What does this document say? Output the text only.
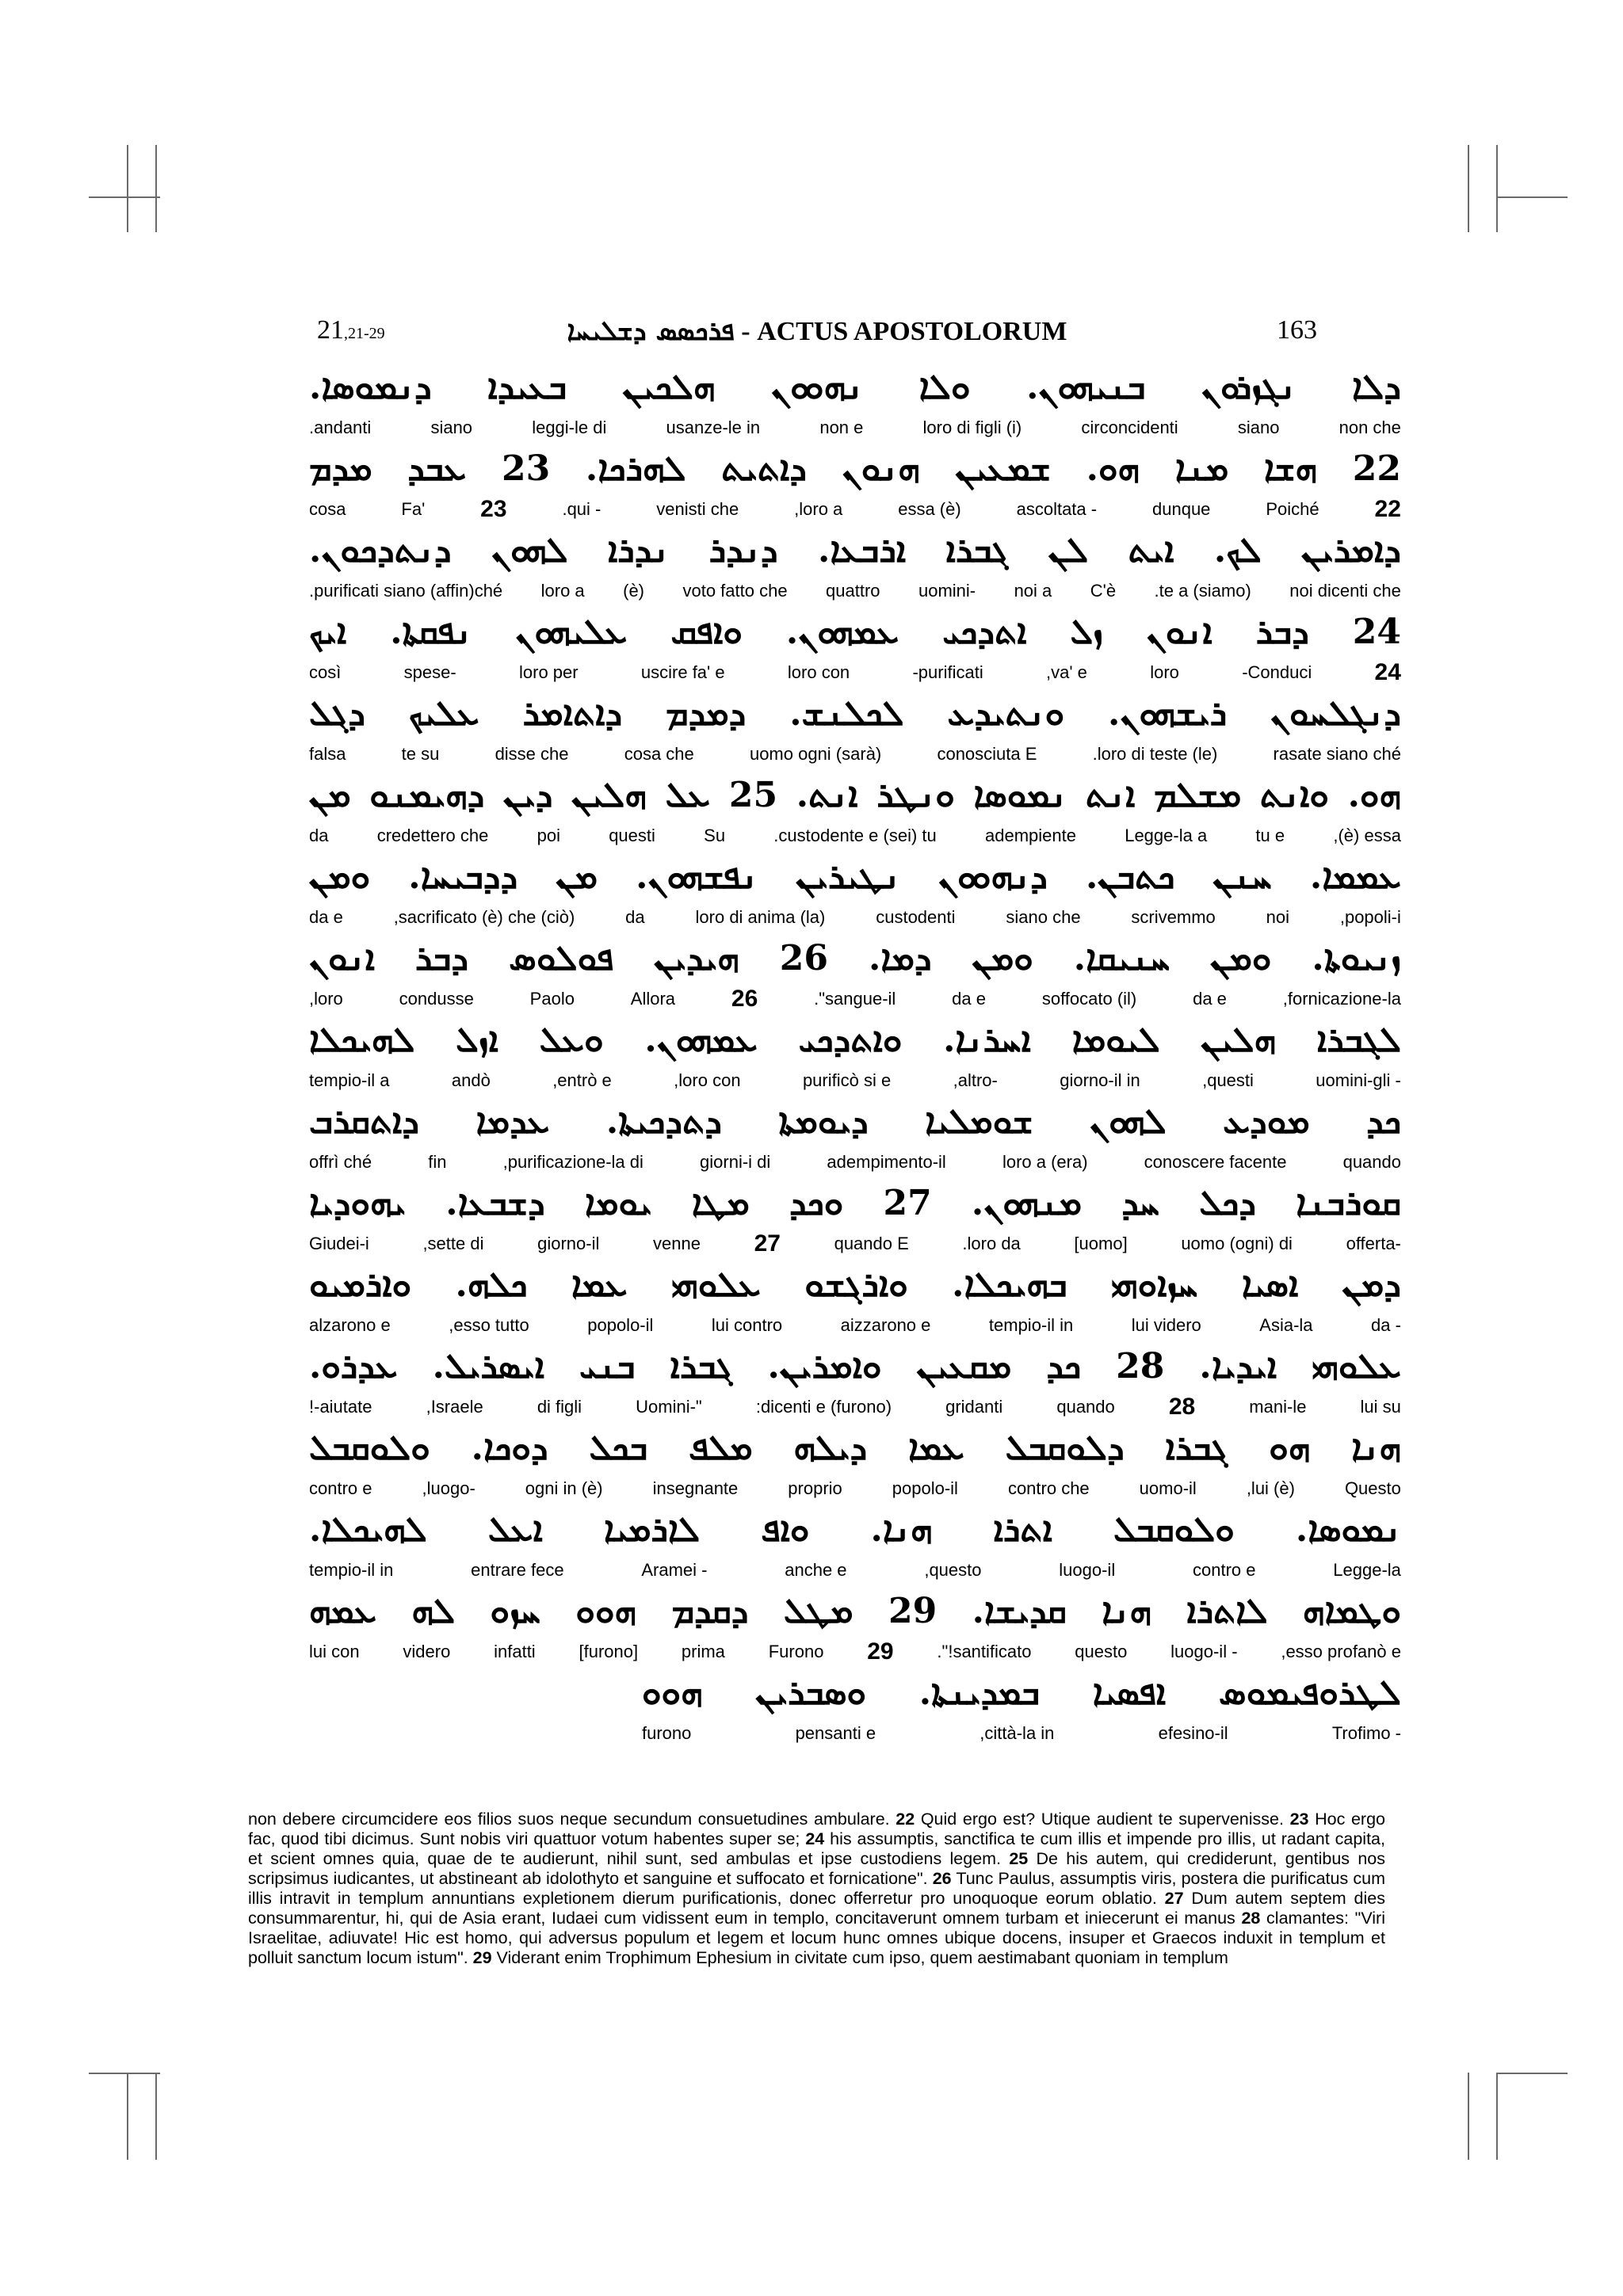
21,21-29	ܦܪܟܣܣ ܕܫܠܝܚܐ - ACTUS APOSTOLORUM	163
ܕܠܐ ܢܓܙܪܘܢ ܒܢܝܗܘܢ. ܘܠܐ ܢܗܘܘܢ ܗܠܟܝܢ ܒܥܝܕܐ ܕܢܡܘܣܐ.
non che
siano
circoncidenti
loro di figli (i)
non e
usanze-le in
leggi-le di
siano
.andanti
22 ܗܫܐ ܡܢܐ ܗܘ. ܫܡܥܝܢ ܗܢܘܢ ܕܐܬܝܬ ܠܗܪܟܐ. 23 ܥܒܕ ܡܕܡ
22
Poiché
dunque
ascoltata -
essa (è)
,loro a
venisti che
.qui -
23
Fa'
cosa
ܕܐܡܪܝܢ ܠܟ. ܐܝܬ ܠܢ ܓܒܪܐ ܐܪܒܥܐ. ܕܢܕܪ ܢܕܪܐ ܠܗܘܢ ܕܢܬܕܟܘܢ.
noi dicenti che
.te a (siamo)
C'è
noi a
uomini-
quattro
voto fatto che
(è)
loro a
.purificati siano (affin)ché
24 ܕܒܪ ܐܢܘܢ ܙܠ ܐܬܕܟܝ ܥܡܗܘܢ. ܘܐܦܩ ܥܠܝܗܘܢ ܢܦܩܬܐ. ܐܝܟ
24
-Conduci
loro
,va' e
-purificati
loro con
uscire fa' e
loro per
spese-
così
ܕܢܓܠܚܘܢ ܪܝܫܗܘܢ. ܘܢܬܝܕܥ ܠܟܠܢܫ. ܕܡܕܡ ܕܐܬܐܡܪ ܥܠܝܟ ܕܓܠ
rasate siano ché
.loro di teste (le)
conosciuta E
uomo ogni (sarà)
cosa che
disse che
te su
falsa
ܗܘ. ܘܐܢܬ ܡܫܠܡ ܐܢܬ ܢܡܘܣܐ ܘܢܛܪ ܐܢܬ. 25 ܥܠ ܗܠܝܢ ܕܝܢ ܕܗܝܡܢܘ ܡܢ
,(è) essa
tu e
Legge-la a
adempiente
.custodente e (sei) tu
Su
questi
poi
credettero che
da
ܥܡܡܐ. ܚܢܢ ܟܬܒܢ. ܕܢܗܘܘܢ ܢܛܝܪܝܢ ܢܦܫܗܘܢ. ܡܢ ܕܕܒܝܚܐ. ܘܡܢ
,popoli-i
noi
scrivemmo
siano che
custodenti
loro di anima (la)
da
,sacrificato (è) che (ciò)
da e
ܙܢܝܘܬܐ. ܘܡܢ ܚܢܝܩܐ. ܘܡܢ ܕܡܐ. 26 ܗܝܕܝܢ ܦܘܠܘܣ ܕܒܪ ܐܢܘܢ
,fornicazione-la
da e
soffocato (il)
da e
."sangue-il
26
Allora
Paolo
condusse
,loro
ܠܓܒܪܐ ܗܠܝܢ ܠܝܘܡܐ ܐܚܪܢܐ. ܘܐܬܕܟܝ ܥܡܗܘܢ. ܘܥܠ ܐܙܠ ܠܗܝܟܠܐ
uomini-gli -
,questi
giorno-il in
,altro-
purificò si e
,loro con
,entrò e
andò
tempio-il a
ܟܕ ܡܘܕܥ ܠܗܘܢ ܫܘܡܠܝܐ ܕܝܘܡܬܐ ܕܬܕܟܝܬܐ. ܥܕܡܐ ܕܐܬܩܪܒ
quando
conoscere facente
loro a (era)
adempimento-il
giorni-i di
,purificazione-la di
fin
offrì ché
ܩܘܪܒܢܐ ܕܟܠ ܚܕ ܡܢܗܘܢ. 27 ܘܟܕ ܡܛܐ ܝܘܡܐ ܕܫܒܥܐ. ܝܗܘܕܝܐ
offerta-
uomo (ogni) di
[uomo]
.loro da
quando E
27
venne
giorno-il
,sette di
Giudei-i
ܕܡܢ ܐܣܝܐ ܚܙܐܘܗܝ ܒܗܝܟܠܐ. ܘܐܪܓܫܘ ܥܠܘܗܝ ܥܡܐ ܟܠܗ. ܘܐܪܡܝܘ
da -
Asia-la
lui videro
tempio-il in
aizzarono e
lui contro
popolo-il
,esso tutto
alzarono e
ܥܠܘܗܝ ܐܝܕܝܐ. 28 ܟܕ ܡܩܥܝܢ ܘܐܡܪܝܢ. ܓܒܪܐ ܒܢܝ ܐܝܣܪܝܠ. ܥܕܪܘ.
lui su
mani-le
28
quando
gridanti
:dicenti e (furono)
Uomini-"
di figli
,Israele
!-aiutate
ܗܢܐ ܗܘ ܓܒܪܐ ܕܠܘܩܒܠ ܥܡܐ ܕܝܠܗ ܡܠܦ ܒܟܠ ܕܘܟܐ. ܘܠܘܩܒܠ
Questo
,lui (è)
uomo-il
contro che
popolo-il
proprio
insegnante
ogni in (è)
,luogo-
contro e
ܢܡܘܣܐ. ܘܠܘܩܒܠ ܐܬܪܐ ܗܢܐ. ܘܐܦ ܠܐܪܡܝܐ ܐܥܠ ܠܗܝܟܠܐ.
Legge-la
contro e
luogo-il
,questo
anche e
Aramei -
entrare fece
tempio-il in
ܘܛܡܐܗ ܠܐܬܪܐ ܗܢܐ ܩܕܝܫܐ. 29 ܡܛܠ ܕܩܕܡ ܗܘܘ ܚܙܘ ܠܗ ܥܡܗ
,esso profanò e
luogo-il -
questo
."!santificato
29
Furono
prima
[furono]
infatti
videro
lui con
ܠܛܪܘܦܝܡܘܣ ܐܦܣܝܐ ܒܡܕܝܢܬܐ. ܘܣܒܪܝܢ ܗܘܘ
Trofimo -
efesino-il
,città-la in
pensanti e
furono
non debere circumcidere eos filios suos neque secundum consuetudines ambulare. 22 Quid ergo est? Utique audient te supervenisse. 23 Hoc ergo fac, quod tibi dicimus. Sunt nobis viri quattuor votum habentes super se; 24 his assumptis, sanctifica te cum illis et impende pro illis, ut radant capita, et scient omnes quia, quae de te audierunt, nihil sunt, sed ambulas et ipse custodiens legem. 25 De his autem, qui crediderunt, gentibus nos scripsimus iudicantes, ut abstineant ab idolothyto et sanguine et suffocato et fornicatione". 26 Tunc Paulus, assumptis viris, postera die purificatus cum illis intravit in templum annuntians expletionem dierum purificationis, donec offerretur pro unoquoque eorum oblatio. 27 Dum autem septem dies consummarentur, hi, qui de Asia erant, Iudaei cum vidissent eum in templo, concitaverunt omnem turbam et iniecerunt ei manus 28 clamantes: "Viri Israelitae, adiuvate! Hic est homo, qui adversus populum et legem et locum hunc omnes ubique docens, insuper et Graecos induxit in templum et polluit sanctum locum istum". 29 Viderant enim Trophimum Ephesium in civitate cum ipso, quem aestimabant quoniam in templum
